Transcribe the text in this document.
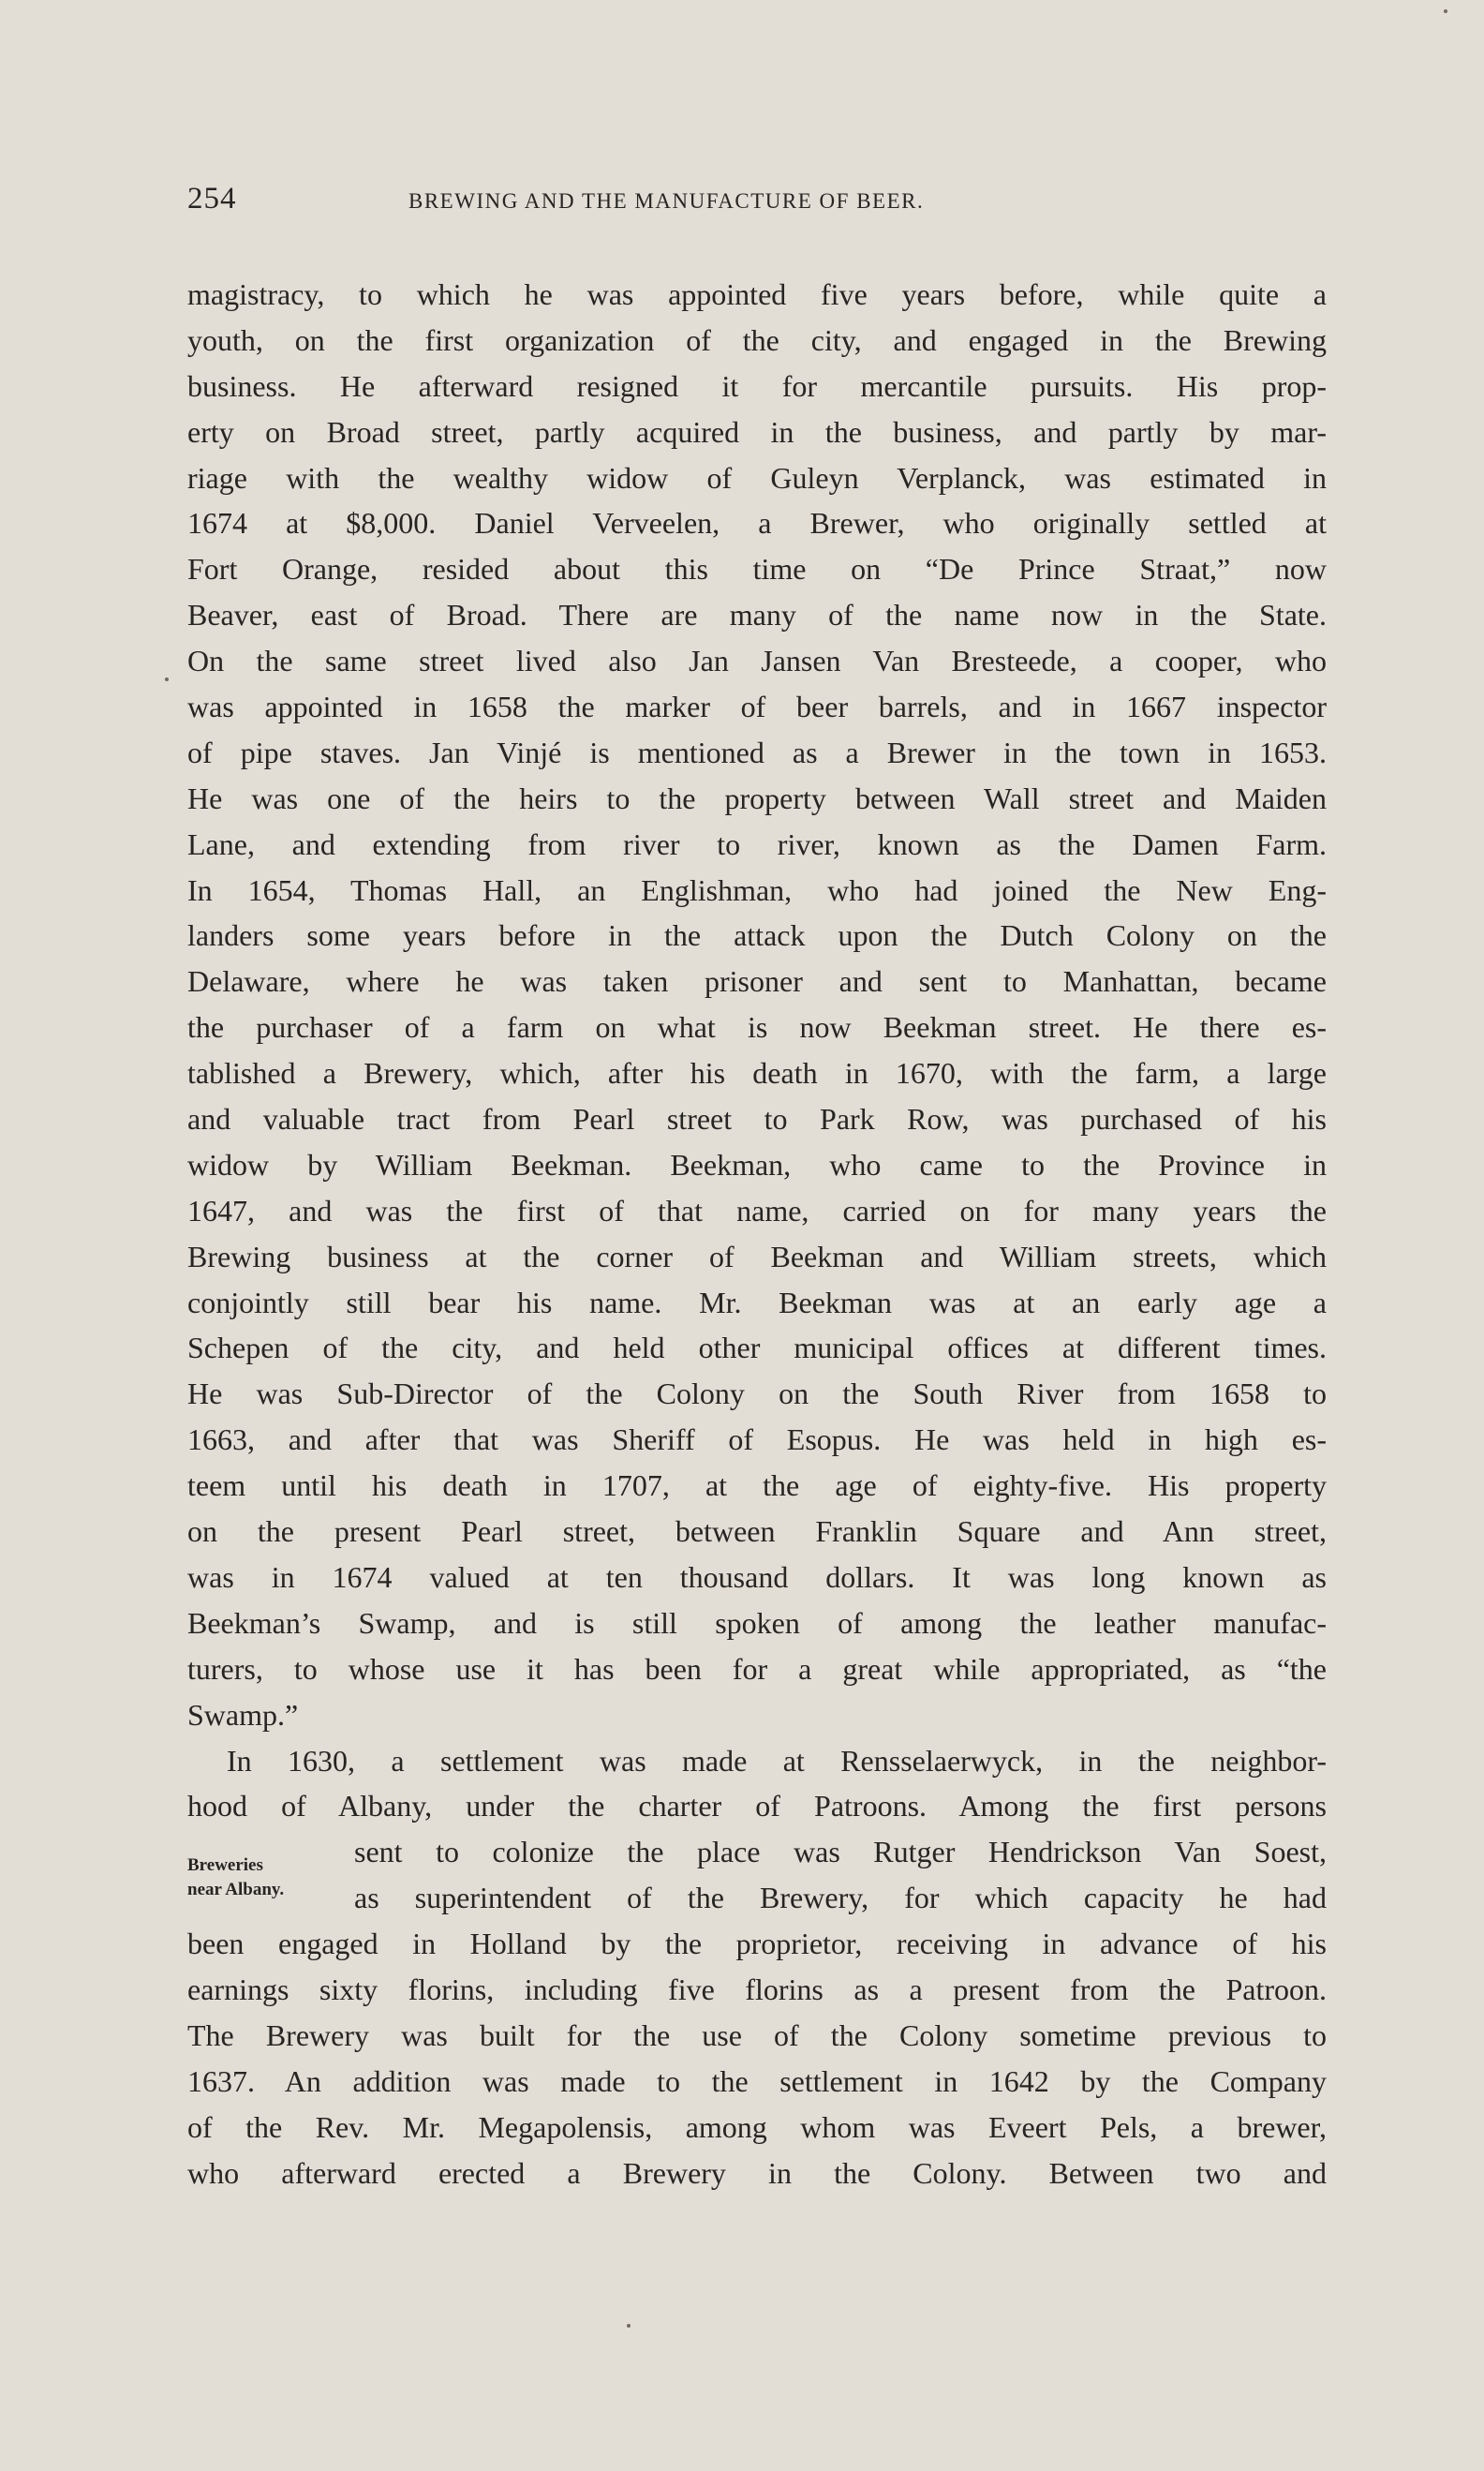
254	BREWING AND THE MANUFACTURE OF BEER.
magistracy, to which he was appointed five years before, while quite a
youth, on the first organization of the city, and engaged in the Brewing
business. He afterward resigned it for mercantile pursuits. His prop-
erty on Broad street, partly acquired in the business, and partly by mar-
riage with the wealthy widow of Guleyn Verplanck, was estimated in
1674 at $8,000. Daniel Verveelen, a Brewer, who originally settled at
Fort Orange, resided about this time on “De Prince Straat,” now
Beaver, east of Broad. There are many of the name now in the State.
On the same street lived also Jan Jansen Van Bresteede, a cooper, who
was appointed in 1658 the marker of beer barrels, and in 1667 inspector
of pipe staves. Jan Vinjé is mentioned as a Brewer in the town in 1653.
He was one of the heirs to the property between Wall street and Maiden
Lane, and extending from river to river, known as the Damen Farm.
In 1654, Thomas Hall, an Englishman, who had joined the New Eng-
landers some years before in the attack upon the Dutch Colony on the
Delaware, where he was taken prisoner and sent to Manhattan, became
the purchaser of a farm on what is now Beekman street. He there es-
tablished a Brewery, which, after his death in 1670, with the farm, a large
and valuable tract from Pearl street to Park Row, was purchased of his
widow by William Beekman. Beekman, who came to the Province in
1647, and was the first of that name, carried on for many years the
Brewing business at the corner of Beekman and William streets, which
conjointly still bear his name. Mr. Beekman was at an early age a
Schepen of the city, and held other municipal offices at different times.
He was Sub-Director of the Colony on the South River from 1658 to
1663, and after that was Sheriff of Esopus. He was held in high es-
teem until his death in 1707, at the age of eighty-five. His property
on the present Pearl street, between Franklin Square and Ann street,
was in 1674 valued at ten thousand dollars. It was long known as
Beekman’s Swamp, and is still spoken of among the leather manufac-
turers, to whose use it has been for a great while appropriated, as “the
Swamp.”
In 1630, a settlement was made at Rensselaerwyck, in the neighbor-
hood of Albany, under the charter of Patroons. Among the first persons
sent to colonize the place was Rutger Hendrickson Van Soest,
as superintendent of the Brewery, for which capacity he had
been engaged in Holland by the proprietor, receiving in advance of his
earnings sixty florins, including five florins as a present from the Patroon.
The Brewery was built for the use of the Colony sometime previous to
1637. An addition was made to the settlement in 1642 by the Company
of the Rev. Mr. Megapolensis, among whom was Eveert Pels, a brewer,
who afterward erected a Brewery in the Colony. Between two and
Breweries
near Albany.
